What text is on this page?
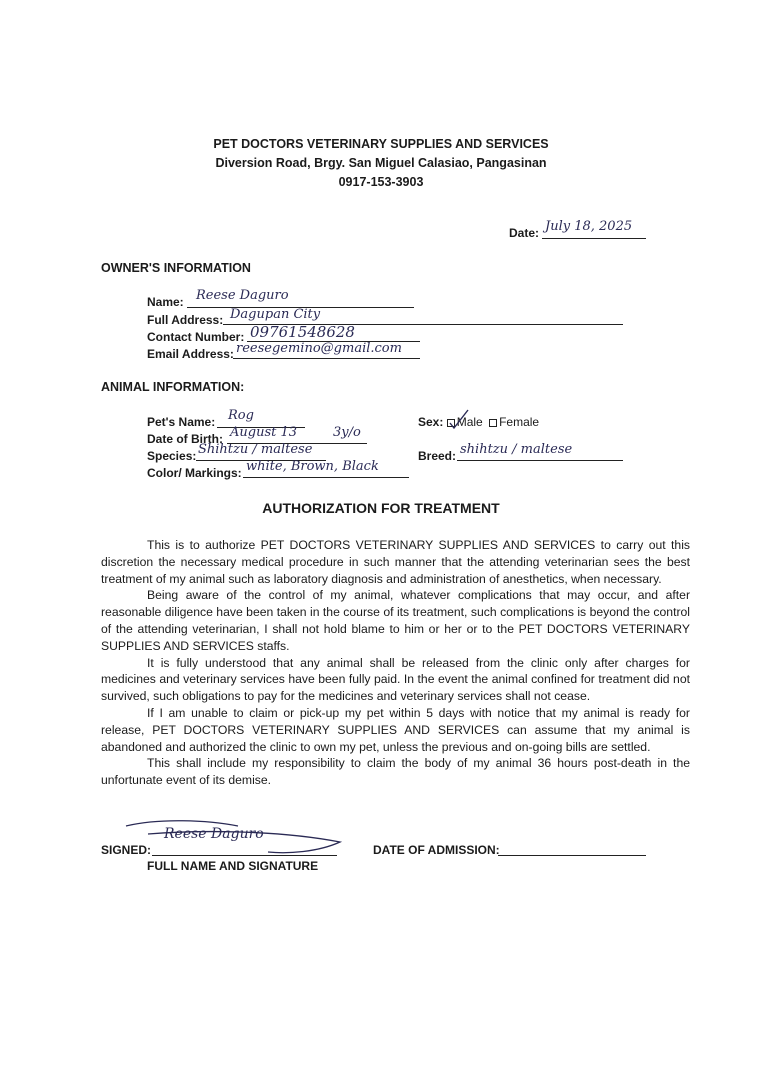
PET DOCTORS VETERINARY SUPPLIES AND SERVICES
Diversion Road, Brgy. San Miguel Calasiao, Pangasinan
0917-153-3903
Date: July 18, 2025
OWNER'S INFORMATION
Name: Reese Daguro
Full Address: Dagupan City
Contact Number: 09761548628
Email Address: reesegemino@gmail.com
ANIMAL INFORMATION:
Pet's Name: Rog
Date of Birth: August 13	3y/o
Species: Shihtzu / maltese
Color/ Markings: white, Brown, Black
Sex: Male Female
Breed: shihtzu / maltese
AUTHORIZATION FOR TREATMENT

This is to authorize PET DOCTORS VETERINARY SUPPLIES AND SERVICES to carry out this discretion the necessary medical procedure in such manner that the attending veterinarian sees the best treatment of my animal such as laboratory diagnosis and administration of anesthetics, when necessary.

Being aware of the control of my animal, whatever complications that may occur, and after reasonable diligence have been taken in the course of its treatment, such complications is beyond the control of the attending veterinarian, I shall not hold blame to him or her or to the PET DOCTORS VETERINARY SUPPLIES AND SERVICES staffs.

It is fully understood that any animal shall be released from the clinic only after charges for medicines and veterinary services have been fully paid. In the event the animal confined for treatment did not survived, such obligations to pay for the medicines and veterinary services shall not cease.

If I am unable to claim or pick-up my pet within 5 days with notice that my animal is ready for release, PET DOCTORS VETERINARY SUPPLIES AND SERVICES can assume that my animal is abandoned and authorized the clinic to own my pet, unless the previous and on-going bills are settled.

This shall include my responsibility to claim the body of my animal 36 hours post-death in the unfortunate event of its demise.

SIGNED:
Reese Daguro
FULL NAME AND SIGNATURE
DATE OF ADMISSION:
